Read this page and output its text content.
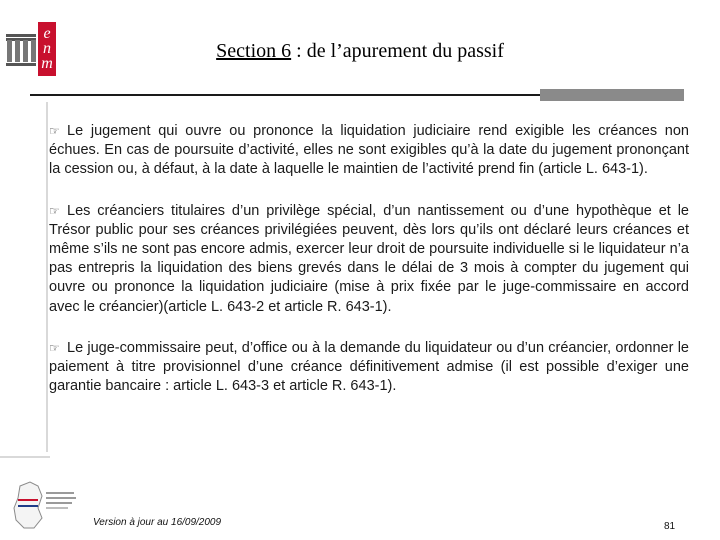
e
n
m
Section 6 : de l’apurement du passif

☞ Le jugement qui ouvre ou prononce la liquidation judiciaire rend exigible les créances non échues. En cas de poursuite d’activité, elles ne sont exigibles qu’à la date du jugement prononçant la cession ou, à défaut, à la date à laquelle le maintien de l’activité prend fin (article L. 643-1).

☞ Les créanciers titulaires d’un privilège spécial, d’un nantissement ou d’une hypothèque et le Trésor public pour ses créances privilégiées peuvent, dès lors qu’ils ont déclaré leurs créances et même s’ils ne sont pas encore admis, exercer leur droit de poursuite individuelle si le liquidateur n’a pas entrepris la liquidation des biens grevés dans le délai de 3 mois à compter du jugement qui ouvre ou prononce la liquidation judiciaire (mise à prix fixée par le juge-commissaire en accord avec le créancier)(article L. 643-2 et article R. 643-1).

☞ Le juge-commissaire peut, d’office ou à la demande du liquidateur ou d’un créancier, ordonner le paiement à titre provisionnel d’une créance définitivement admise (il est possible d’exiger une garantie bancaire : article L. 643-3 et article R. 643-1).

Version à jour au 16/09/2009	81
